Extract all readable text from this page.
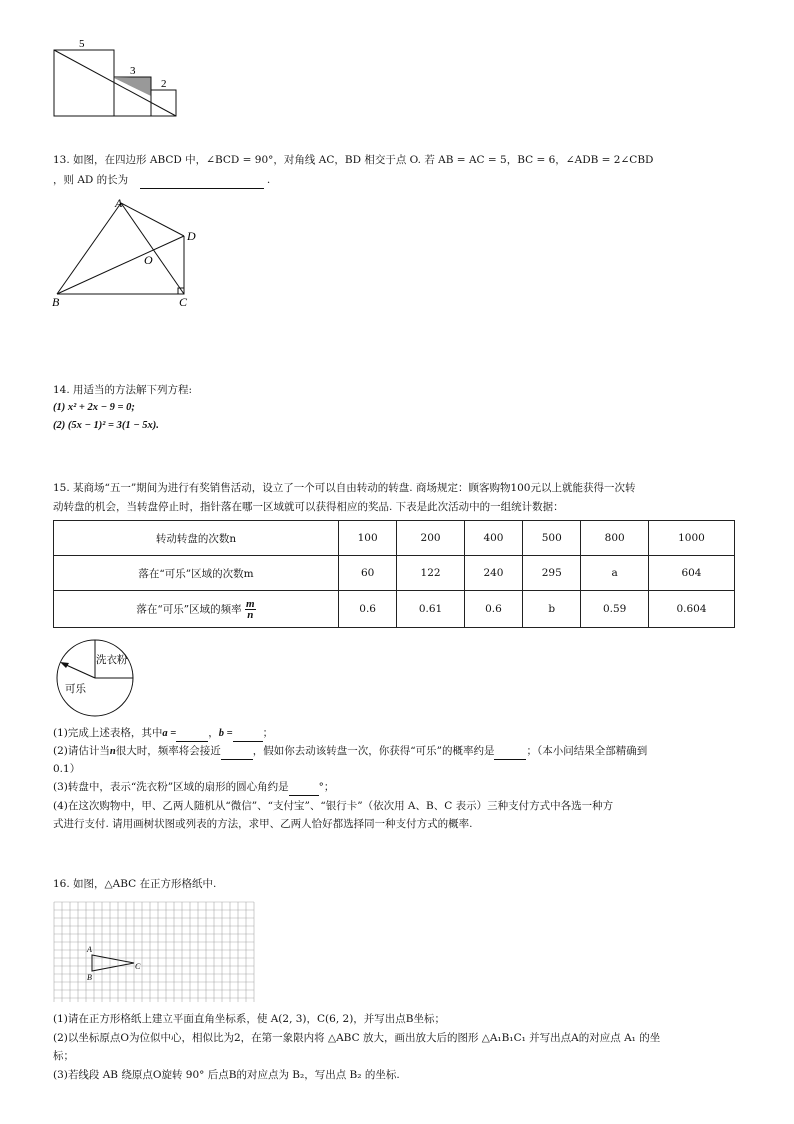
5
3
2
13. 如图，在四边形 ABCD 中，∠BCD = 90°，对角线 AC，BD 相交于点 O. 若 AB = AC = 5，BC = 6，∠ADB = 2∠CBD
，则 AD 的长为	.
A
D
O
B	C
14. 用适当的方法解下列方程:
(1) x² + 2x − 9 = 0;
(2) (5x − 1)² = 3(1 − 5x).
15. 某商场“五一”期间为进行有奖销售活动，设立了一个可以自由转动的转盘. 商场规定：顾客购物100元以上就能获得一次转
动转盘的机会，当转盘停止时，指针落在哪一区域就可以获得相应的奖品. 下表是此次活动中的一组统计数据：
转动转盘的次数n	100	200	400	500	800	1000
落在“可乐”区域的次数m	60	122	240	295	a	604
落在“可乐”区域的频率 $\frac{m}{n}$	0.6	0.61	0.6	b	0.59	0.604
洗衣粉
可乐
(1)完成上述表格，其中a =	，b =	；
(2)请估计当n很大时，频率将会接近	，假如你去动该转盘一次，你获得“可乐”的概率约是	；（本小问结果全部精确到
0.1）
(3)转盘中，表示“洗衣粉”区域的扇形的圆心角约是	°；
(4)在这次购物中，甲、乙两人随机从“微信”、“支付宝”、“银行卡”（依次用 A、B、C 表示）三种支付方式中各选一种方
式进行支付. 请用画树状图或列表的方法，求甲、乙两人恰好都选择同一种支付方式的概率.
16. 如图，△ABC 在正方形格纸中.
A
B
C
(1)请在正方形格纸上建立平面直角坐标系，使 A(2, 3)，C(6, 2)，并写出点B坐标；
(2)以坐标原点O为位似中心，相似比为2，在第一象限内将 △ABC 放大，画出放大后的图形 △A₁B₁C₁ 并写出点A的对应点 A₁ 的坐
标；
(3)若线段 AB 绕原点O旋转 90° 后点B的对应点为 B₂，写出点 B₂ 的坐标.
